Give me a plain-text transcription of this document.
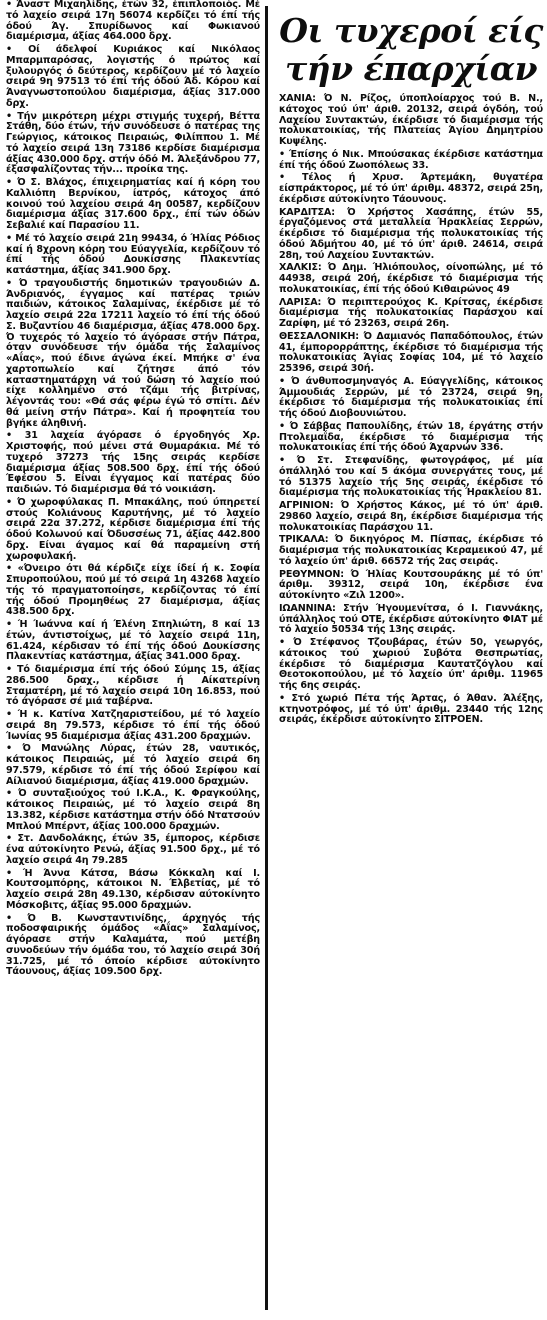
• Άναστ Μιχαηλίδης, έτών 32, έπιπλοποιός. Μέ τό λαχείο σειρά 17η 56074 κερδίζει τό έπί τής όδού Άγ. Σπυρίδωνος καί Φωκιανού διαμέρισμα, άξίας 464.000 δρχ.

• Οί άδελφοί Κυριάκος καί Νικόλαος Μπαρμπαρόσας, λογιστής ό πρώτος καί ξυλουργός ό δεύτερος, κερδίζουν μέ τό λαχείο σειρά 9η 97513 τό έπί τής όδού Άδ. Κόρου καί Άναγνωστοπούλου διαμέρισμα, άξίας 317.000 δρχ.

• Τήν μικρότερη μέχρι στιγμής τυχερή, Βέττα Στάθη, δύο έτών, τήν συνόδευσε ό πατέρας της Γεώργιος, κάτοικος Πειραιώς, Φιλίππου 1. Μέ τό λαχείο σειρά 13η 73186 κερδίσε διαμέρισμα άξίας 430.000 δρχ. στήν όδό Μ. Άλεξάνδρου 77, έξασφαλίζοντας τήν... προίκα της.

• Ό Σ. Βλάχος, έπιχειρηματίας καί ή κόρη του Καλλιόπη Βερνίκου, ίατρός, κάτοχος άπό κοινού τού λαχείου σειρά 4η 00587, κερδίζουν διαμέρισμα άξίας 317.600 δρχ., έπί τών όδών Σεβαλιέ καί Παρασίου 11.

• Μέ τό λαχείο σειρά 21η 99434, ό Ήλίας Ρόδιος καί ή 8χρονη κόρη του Εύαγγελία, κερδίζουν τό έπί τής όδού Δουκίσσης Πλακεντίας κατάστημα, άξίας 341.900 δρχ.

• Ό τραγουδιστής δημοτικών τραγουδιών Δ. Άνδριανός, έγγαμος καί πατέρας τριών παιδιών, κάτοικος Σαλαμίνας, έκέρδισε μέ τό λαχείο σειρά 22α 17211 λαχείο τό έπί τής όδού Σ. Βυζαντίου 46 διαμέρισμα, άξίας 478.000 δρχ. Ό τυχερός τό λαχείο τό άγόρασε στήν Πάτρα, όταν συνόδευσε τήν όμάδα τής Σαλαμίνος «Αΐας», πού έδινε άγώνα έκεί. Μπήκε σ' ένα χαρτοπωλείο καί ζήτησε άπό τόν καταστηματάρχη νά τού δώση τό λαχείο πού είχε κολλημένο στό τζάμι τής βιτρίνας, λέγοντάς του: «Θά σάς φέρω έγώ τό σπίτι. Δέν θά μείνη στήν Πάτρα». Καί ή προφητεία του βγήκε άληθινή.

• 31 λαχεία άγόρασε ό έργοδηγός Χρ. Χριστοφής, πού μένει στά Θυμαράκια. Μέ τό τυχερό 37273 τής 15ης σειράς κερδίσε διαμέρισμα άξίας 508.500 δρχ. έπί τής όδού Έφέσου 5. Είναι έγγαμος καί πατέρας δύο παιδιών. Τό διαμέρισμα θά τό νοικιάση.

• Ό χωροφύλακας Π. Μπακάλης, πού ύπηρετεί στούς Κολιάνους Καρυτήνης, μέ τό λαχείο σειρά 22α 37.272, κέρδισε διαμέρισμα έπί τής όδού Κολωνού καί Όδυσσέως 71, άξίας 442.800 δρχ. Είναι άγαμος καί θά παραμείνη στή χωροφυλακή.

• «Όνειρο ότι θά κέρδιζε είχε ίδεί ή κ. Σοφία Σπυροπούλου, πού μέ τό σειρά 1η 43268 λαχείο τής τό πραγματοποίησε, κερδίζοντας τό έπί τής όδού Προμηθέως 27 διαμέρισμα, άξίας 438.500 δρχ.

• Ή Ίωάννα καί ή Έλένη Σπηλιώτη, 8 καί 13 έτών, άντιστοίχως, μέ τό λαχείο σειρά 11η, 61.424, κέρδισαν τό έπί τής όδού Δουκίσσης Πλακεντίας κατάστημα, άξίας 341.000 δραχ.

• Τό διαμέρισμα έπί τής όδού Σύμης 15, άξίας 286.500 δραχ., κέρδισε ή Αίκατερίνη Σταματέρη, μέ τό λαχείο σειρά 10η 16.853, πού τό άγόρασε σέ μιά ταβέρνα.

• Ή κ. Κατίνα Χατζηαριστείδου, μέ τό λαχείο σειρά 8η 79.573, κέρδισε τό έπί τής όδού Ίωνίας 95 διαμέρισμα άξίας 431.200 δραχμών.

• Ό Μανώλης Λύρας, έτών 28, ναυτικός, κάτοικος Πειραιώς, μέ τό λαχείο σειρά 6η 97.579, κέρδισε τό έπί τής όδού Σερίφου καί Αίλιανού διαμέρισμα, άξίας 419.000 δραχμών.

• Ό συνταξιούχος τού Ι.Κ.Α., Κ. Φραγκούλης, κάτοικος Πειραιώς, μέ τό λαχείο σειρά 8η 13.382, κέρδισε κατάστημα στήν όδό Ντατσούν Μπλού Μπέρντ, άξίας 100.000 δραχμών.

• Στ. Δανδολάκης, έτών 35, έμπορος, κέρδισε ένα αύτοκίνητο Ρενώ, άξίας 91.500 δρχ., μέ τό λαχείο σειρά 4η 79.285

• Ή Άννα Κάτσα, Βάσω Κόκκαλη καί Ι. Κουτσομπόρης, κάτοικοι Ν. Έλβετίας, μέ τό λαχείο σειρά 28η 49.130, κέρδισαν αύτοκίνητο Μόσκοβιτς, άξίας 95.000 δραχμών.

• Ό Β. Κωνσταντινίδης, άρχηγός τής ποδοσφαιρικής όμάδος «Αΐας» Σαλαμίνος, άγόρασε στήν Καλαμάτα, πού μετέβη συνοδεύων τήν όμάδα του, τό λαχείο σειρά 30ή 31.725, μέ τό όποίο κέρδισε αύτοκίνητο Τάουνους, άξίας 109.500 δρχ.

Οι τυχεροί είς
τήν έπαρχίαν

ΧΑΝΙΑ: Ό Ν. Ρίζος, ύποπλοίαρχος τού Β. Ν., κάτοχος τού ύπ' άριθ. 20132, σειρά όγδόη, τού Λαχείου Συντακτών, έκέρδισε τό διαμέρισμα τής πολυκατοικίας, τής Πλατείας Άγίου Δημητρίου Κυψέλης.

• Έπίσης ό Νικ. Μπούσακας έκέρδισε κατάστημα έπί τής όδού Ζωοπόλεως 33.

• Τέλος ή Χρυσ. Άρτεμάκη, θυγατέρα είσπράκτορος, μέ τό ύπ' άριθμ. 48372, σειρά 25η, έκέρδισε αύτοκίνητο Τάουνους.

ΚΑΡΔΙΤΣΑ: Ό Χρήστος Χασάπης, έτών 55, έργαζόμενος στά μεταλλεία Ήρακλείας Σερρών, έκέρδισε τό διαμέρισμα τής πολυκατοικίας τής όδού Άδμήτου 40, μέ τό ύπ' άριθ. 24614, σειρά 28η, τού Λαχείου Συντακτών.

ΧΑΛΚΙΣ: Ό Δημ. Ήλιόπουλος, οίνοπώλης, μέ τό 44938, σειρά 20ή, έκέρδισε τό διαμέρισμα τής πολυκατοικίας, έπί τής όδού Κιθαιρώνος 49

ΛΑΡΙΣΑ: Ό περιπτερούχος Κ. Κρίτσας, έκέρδισε διαμέρισμα τής πολυκατοικίας Παράσχου καί Ζαρίφη, μέ τό 23263, σειρά 26η.

ΘΕΣΣΑΛΟΝΙΚΗ: Ό Δαμιανός Παπαδόπουλος, έτών 41, έμπορορράπτης, έκέρδισε τό διαμέρισμα τής πολυκατοικίας Άγίας Σοφίας 104, μέ τό λαχείο 25396, σειρά 30ή.

• Ό άνθυποσμηναγός Α. Εύαγγελίδης, κάτοικος Άμμουδιάς Σερρών, μέ τό 23724, σειρά 9η, έκέρδισε τό διαμέρισμα τής πολυκατοικίας έπί τής όδού Διοβουνιώτου.

• Ό Σάββας Παπουλίδης, έτών 18, έργάτης στήν Πτολεμαΐδα, έκέρδισε τό διαμέρισμα τής πολυκατοικίας έπί τής όδού Άχαρνών 336.

• Ό Στ. Στεφανίδης, φωτογράφος, μέ μία όπάλληλό του καί 5 άκόμα συνεργάτες τους, μέ τό 51375 λαχείο τής 5ης σειράς, έκέρδισε τό διαμέρισμα τής πολυκατοικίας τής Ήρακλείου 81.

ΑΓΡΙΝΙΟΝ: Ό Χρήστος Κάκος, μέ τό ύπ' άριθ. 29860 λαχείο, σειρά 8η, έκέρδισε διαμέρισμα τής πολυκατοικίας Παράσχου 11.

ΤΡΙΚΑΛΑ: Ό δικηγόρος Μ. Πίσπας, έκέρδισε τό διαμέρισμα τής πολυκατοικίας Κεραμεικού 47, μέ τό λαχείο ύπ' άριθ. 66572 τής 2ας σειράς.

ΡΕΘΥΜΝΟΝ: Ό Ήλίας Κουτσουράκης μέ τό ύπ' άριθμ. 39312, σειρά 10η, έκέρδισε ένα αύτοκίνητο «Ζιλ 1200».

ΙΩΑΝΝΙΝΑ: Στήν Ήγουμενίτσα, ό Ι. Γιαννάκης, ύπάλληλος τού ΟΤΕ, έκέρδισε αύτοκίνητο ΦΙΑΤ μέ τό λαχείο 50534 τής 13ης σειράς.

• Ό Στέφανος Τζουβάρας, έτών 50, γεωργός, κάτοικος τού χωριού Συβότα Θεσπρωτίας, έκέρδισε τό διαμέρισμα Καυτατζόγλου καί Θεοτοκοπούλου, μέ τό λαχείο ύπ' άριθμ. 11965 τής 6ης σειράς.

• Στό χωριό Πέτα τής Άρτας, ό Άθαν. Άλέξης, κτηνοτρόφος, μέ τό ύπ' άριθμ. 23440 τής 12ης σειράς, έκέρδισε αύτοκίνητο ΣΙΤΡΟΕΝ.
